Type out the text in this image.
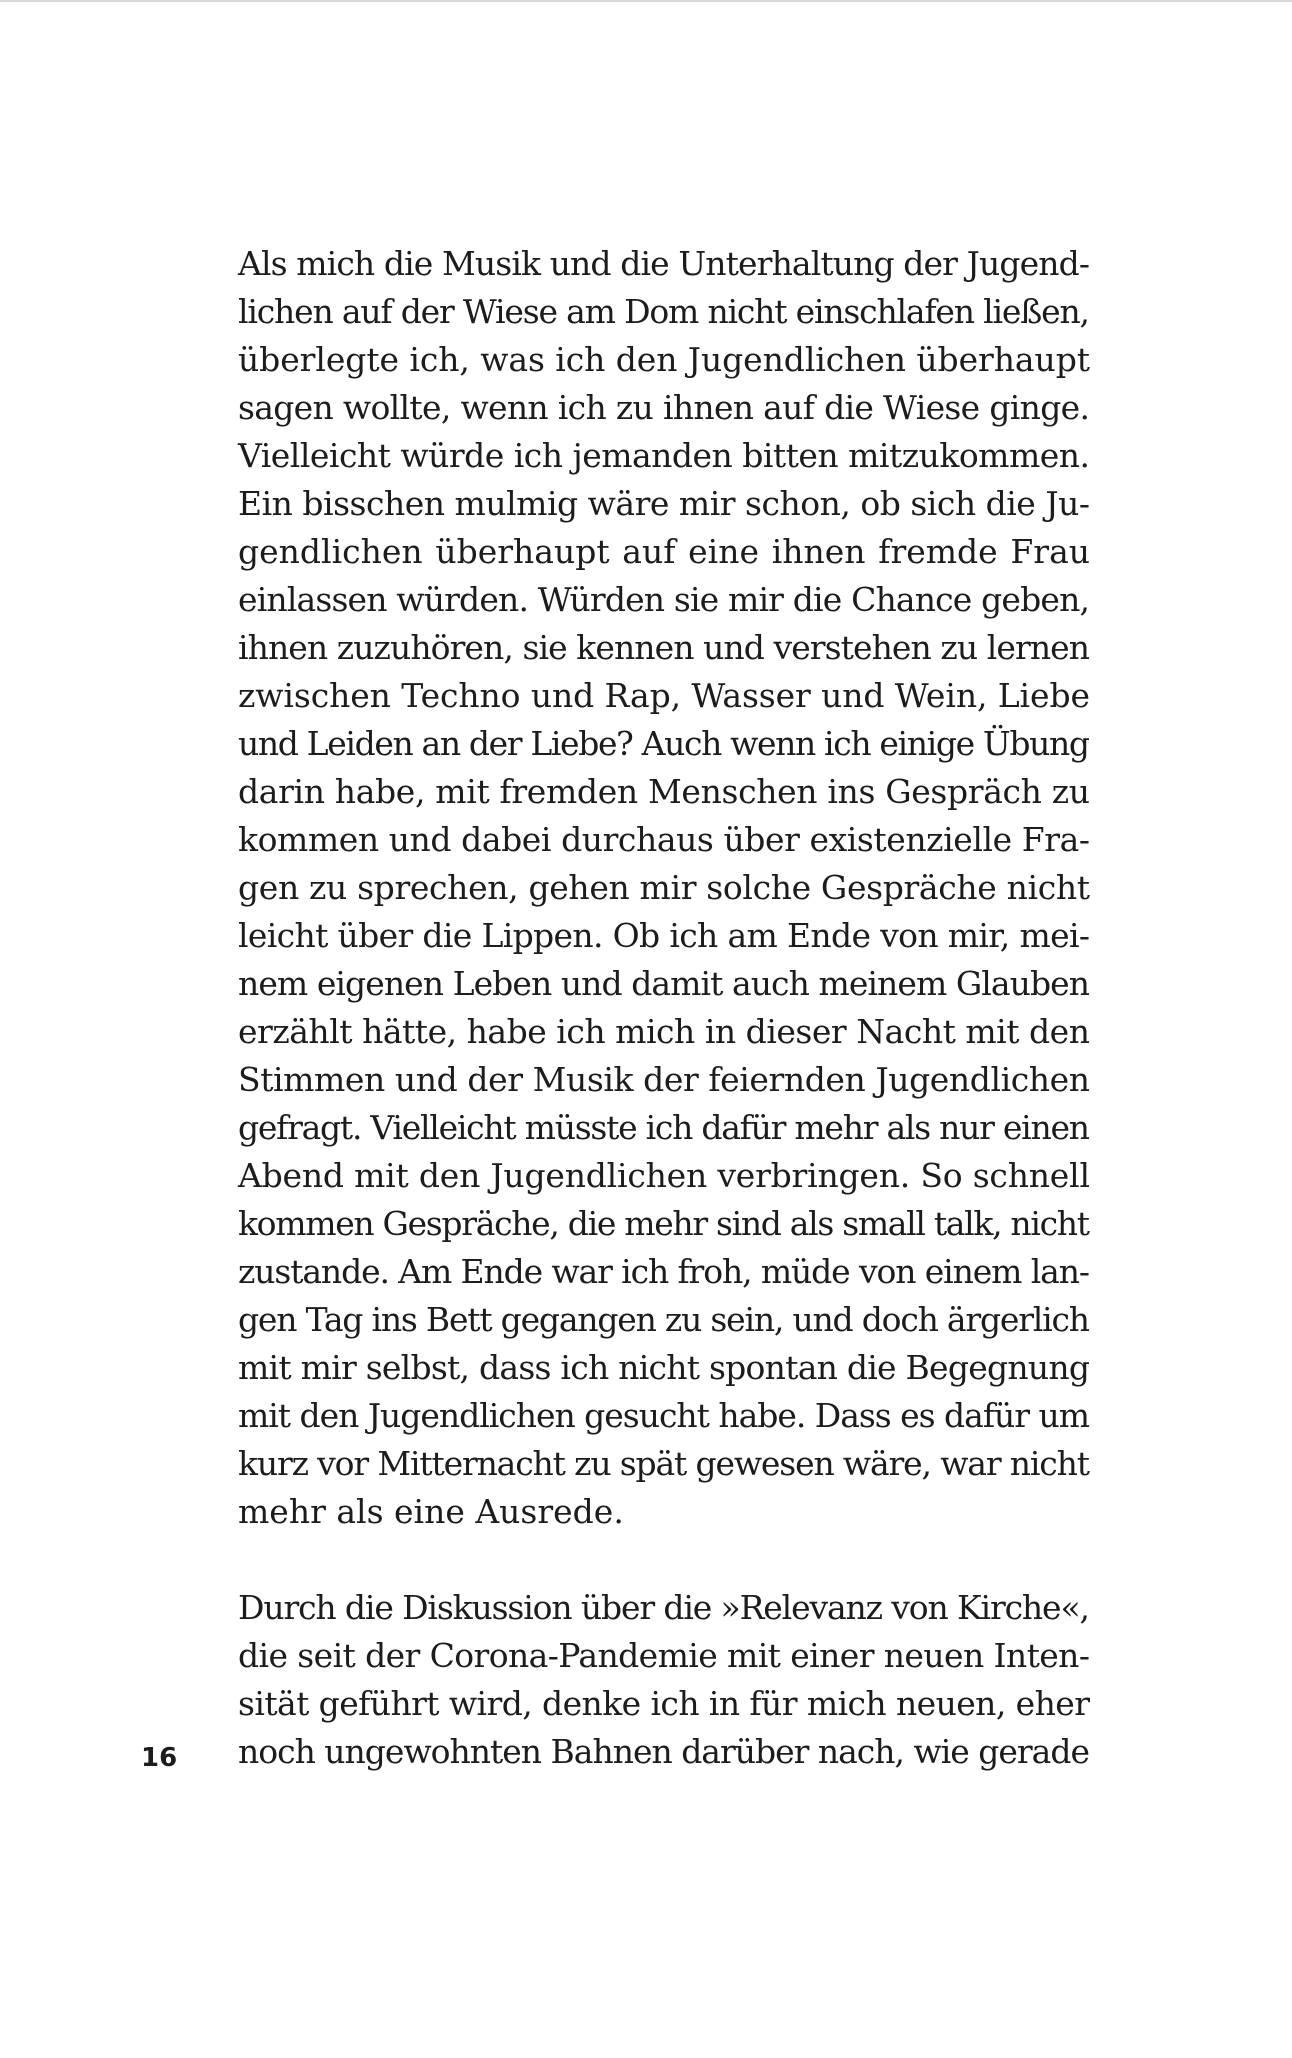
Als mich die Musik und die Unterhaltung der Jugend-
lichen auf der Wiese am Dom nicht einschlafen ließen,
überlegte ich, was ich den Jugendlichen überhaupt
sagen wollte, wenn ich zu ihnen auf die Wiese ginge.
Vielleicht würde ich jemanden bitten mitzukommen.
Ein bisschen mulmig wäre mir schon, ob sich die Ju-
gendlichen überhaupt auf eine ihnen fremde Frau
einlassen würden. Würden sie mir die Chance geben,
ihnen zuzuhören, sie kennen und verstehen zu lernen
zwischen Techno und Rap, Wasser und Wein, Liebe
und Leiden an der Liebe? Auch wenn ich einige Übung
darin habe, mit fremden Menschen ins Gespräch zu
kommen und dabei durchaus über existenzielle Fra-
gen zu sprechen, gehen mir solche Gespräche nicht
leicht über die Lippen. Ob ich am Ende von mir, mei-
nem eigenen Leben und damit auch meinem Glauben
erzählt hätte, habe ich mich in dieser Nacht mit den
Stimmen und der Musik der feiernden Jugendlichen
gefragt. Vielleicht müsste ich dafür mehr als nur einen
Abend mit den Jugendlichen verbringen. So schnell
kommen Gespräche, die mehr sind als small talk, nicht
zustande. Am Ende war ich froh, müde von einem lan-
gen Tag ins Bett gegangen zu sein, und doch ärgerlich
mit mir selbst, dass ich nicht spontan die Begegnung
mit den Jugendlichen gesucht habe. Dass es dafür um
kurz vor Mitternacht zu spät gewesen wäre, war nicht
mehr als eine Ausrede.
Durch die Diskussion über die »Relevanz von Kirche«,
die seit der Corona-Pandemie mit einer neuen Inten-
sität geführt wird, denke ich in für mich neuen, eher
noch ungewohnten Bahnen darüber nach, wie gerade
16
